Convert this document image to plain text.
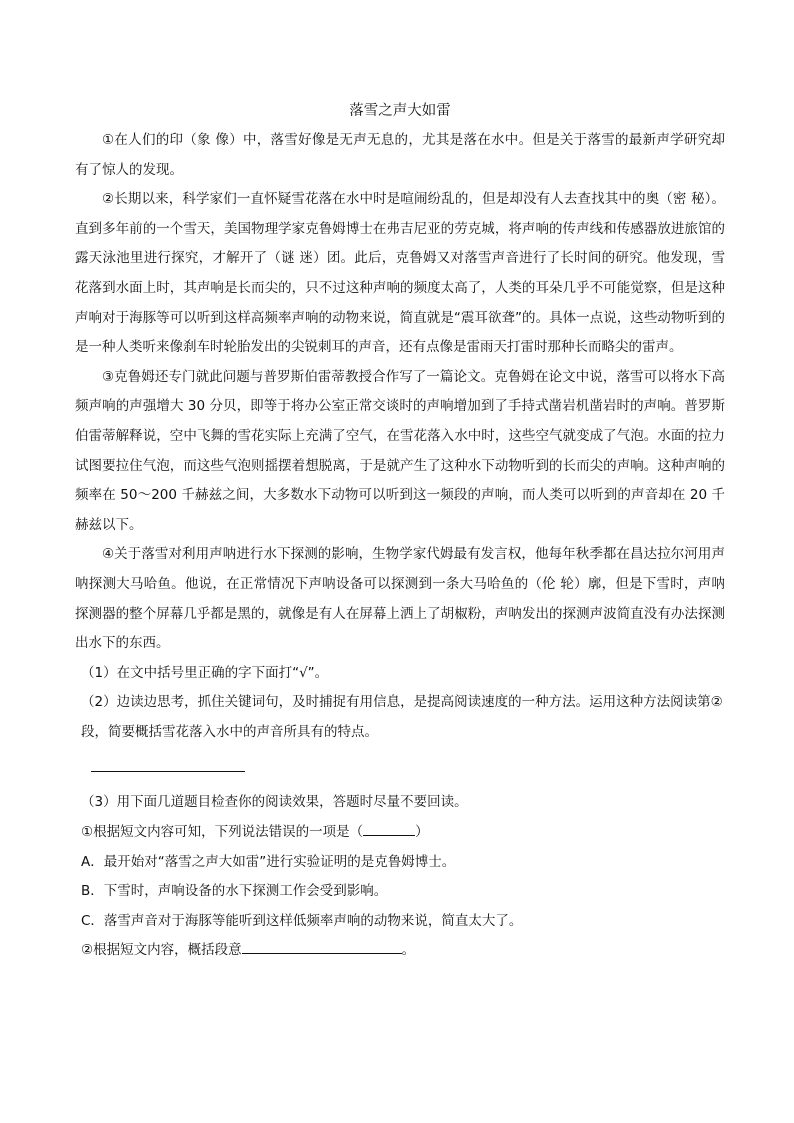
落雪之声大如雷

①在人们的印（象 像）中，落雪好像是无声无息的，尤其是落在水中。但是关于落雪的最新声学研究却有了惊人的发现。

②长期以来，科学家们一直怀疑雪花落在水中时是喧闹纷乱的，但是却没有人去查找其中的奥（密 秘）。直到多年前的一个雪天，美国物理学家克鲁姆博士在弗吉尼亚的劳克城，将声响的传声线和传感器放进旅馆的露天泳池里进行探究，才解开了（谜 迷）团。此后，克鲁姆又对落雪声音进行了长时间的研究。他发现，雪花落到水面上时，其声响是长而尖的，只不过这种声响的频度太高了，人类的耳朵几乎不可能觉察，但是这种声响对于海豚等可以听到这样高频率声响的动物来说，简直就是“震耳欲聋”的。具体一点说，这些动物听到的是一种人类听来像刹车时轮胎发出的尖锐刺耳的声音，还有点像是雷雨天打雷时那种长而略尖的雷声。

③克鲁姆还专门就此问题与普罗斯伯雷蒂教授合作写了一篇论文。克鲁姆在论文中说，落雪可以将水下高频声响的声强增大 30 分贝，即等于将办公室正常交谈时的声响增加到了手持式凿岩机凿岩时的声响。普罗斯伯雷蒂解释说，空中飞舞的雪花实际上充满了空气，在雪花落入水中时，这些空气就变成了气泡。水面的拉力试图要拉住气泡，而这些气泡则摇摆着想脱离，于是就产生了这种水下动物听到的长而尖的声响。这种声响的频率在 50～200 千赫兹之间，大多数水下动物可以听到这一频段的声响，而人类可以听到的声音却在 20 千赫兹以下。

④关于落雪对利用声呐进行水下探测的影响，生物学家代姆最有发言权，他每年秋季都在昌达拉尔河用声呐探测大马哈鱼。他说，在正常情况下声呐设备可以探测到一条大马哈鱼的（伦 轮）廓，但是下雪时，声呐探测器的整个屏幕几乎都是黑的，就像是有人在屏幕上洒上了胡椒粉，声呐发出的探测声波简直没有办法探测出水下的东西。

（1）在文中括号里正确的字下面打“√”。

（2）边读边思考，抓住关键词句，及时捕捉有用信息，是提高阅读速度的一种方法。运用这种方法阅读第②段，简要概括雪花落入水中的声音所具有的特点。

（3）用下面几道题目检查你的阅读效果，答题时尽量不要回读。

①根据短文内容可知，下列说法错误的一项是（	）

A．最开始对“落雪之声大如雷”进行实验证明的是克鲁姆博士。

B．下雪时，声响设备的水下探测工作会受到影响。

C．落雪声音对于海豚等能听到这样低频率声响的动物来说，简直太大了。

②根据短文内容，概括段意	。
